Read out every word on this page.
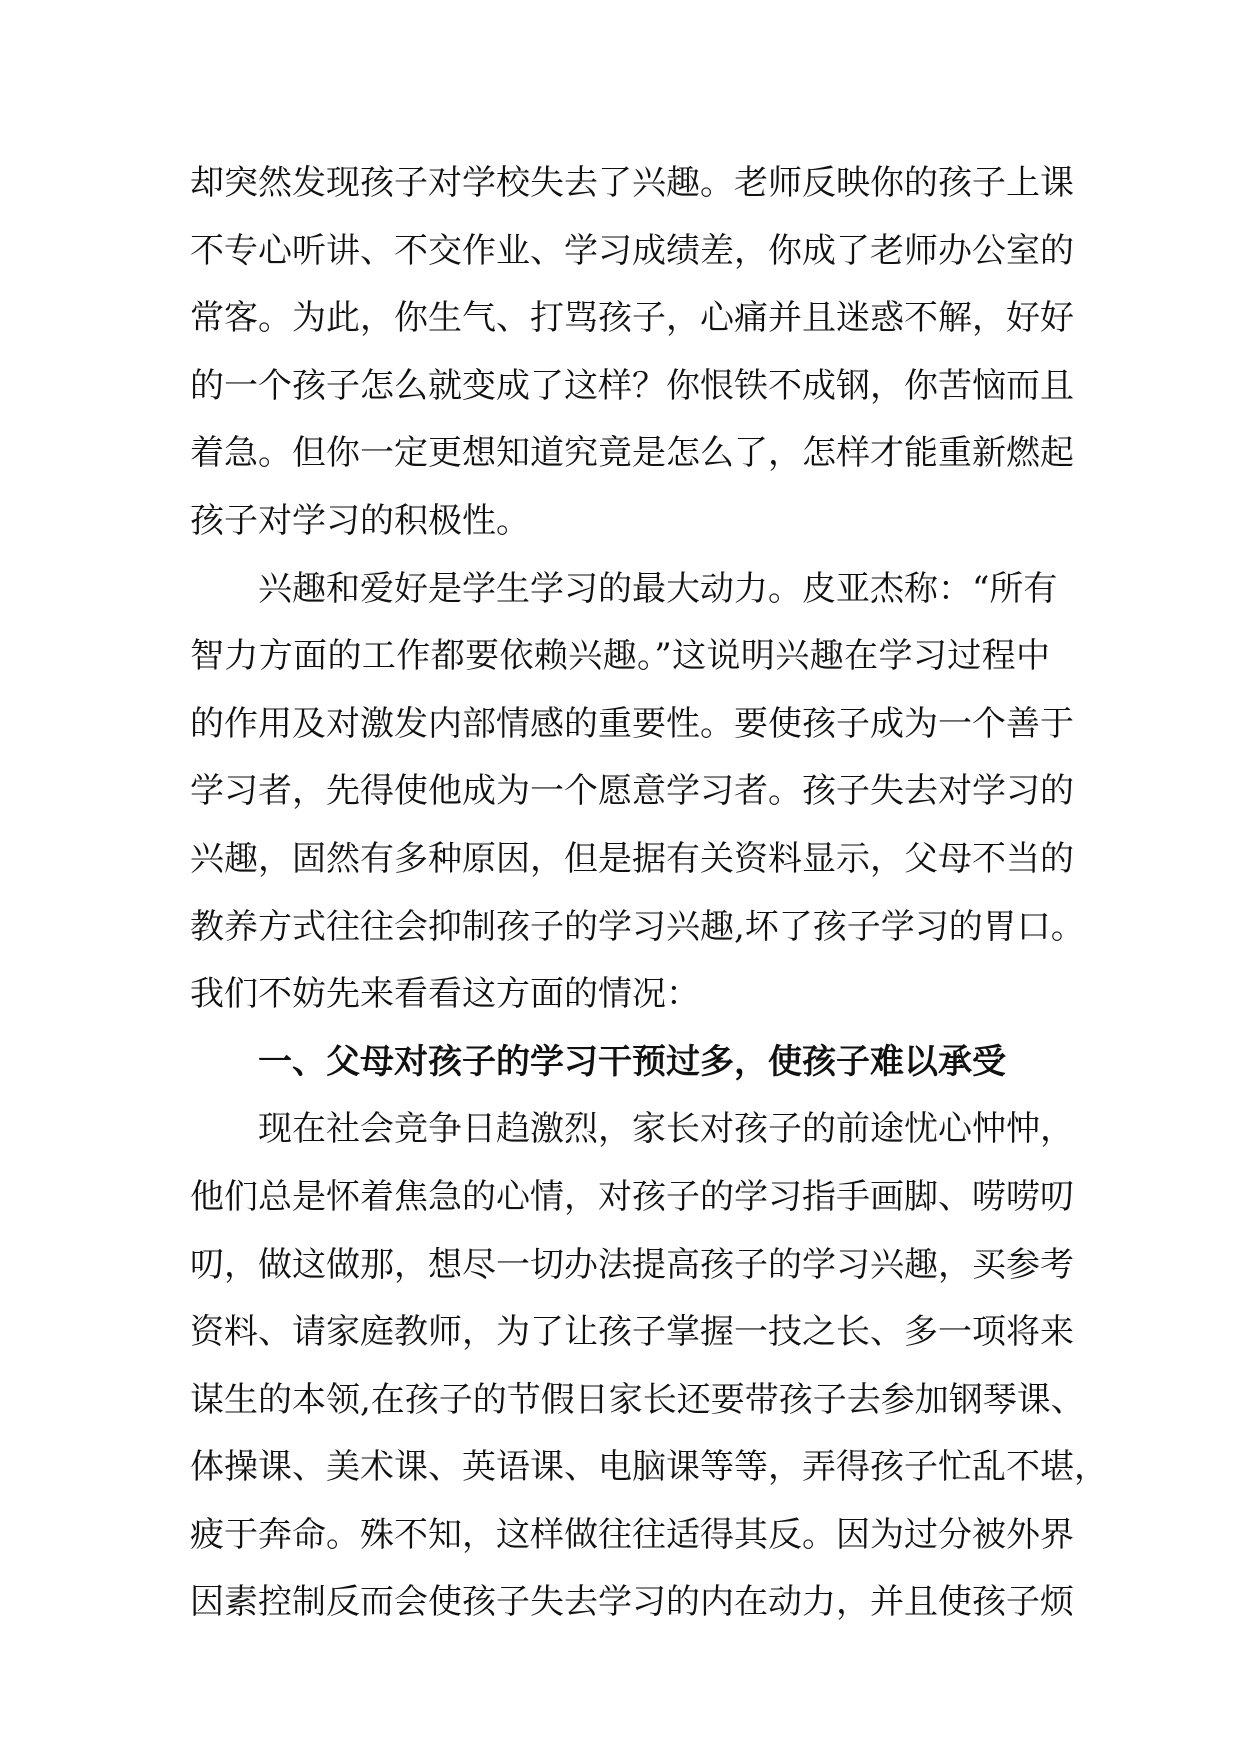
却突然发现孩子对学校失去了兴趣。老师反映你的孩子上课
不专心听讲、不交作业、学习成绩差，你成了老师办公室的
常客。为此，你生气、打骂孩子，心痛并且迷惑不解，好好
的一个孩子怎么就变成了这样？你恨铁不成钢，你苦恼而且
着急。但你一定更想知道究竟是怎么了，怎样才能重新燃起
孩子对学习的积极性。
兴趣和爱好是学生学习的最大动力。皮亚杰称：“所有
智力方面的工作都要依赖兴趣。”这说明兴趣在学习过程中
的作用及对激发内部情感的重要性。要使孩子成为一个善于
学习者，先得使他成为一个愿意学习者。孩子失去对学习的
兴趣，固然有多种原因，但是据有关资料显示，父母不当的
教养方式往往会抑制孩子的学习兴趣,坏了孩子学习的胃口。
我们不妨先来看看这方面的情况：
一、父母对孩子的学习干预过多，使孩子难以承受
现在社会竞争日趋激烈，家长对孩子的前途忧心忡忡，
他们总是怀着焦急的心情，对孩子的学习指手画脚、唠唠叨
叨，做这做那，想尽一切办法提高孩子的学习兴趣，买参考
资料、请家庭教师，为了让孩子掌握一技之长、多一项将来
谋生的本领,在孩子的节假日家长还要带孩子去参加钢琴课、
体操课、美术课、英语课、电脑课等等，弄得孩子忙乱不堪，
疲于奔命。殊不知，这样做往往适得其反。因为过分被外界
因素控制反而会使孩子失去学习的内在动力，并且使孩子烦
